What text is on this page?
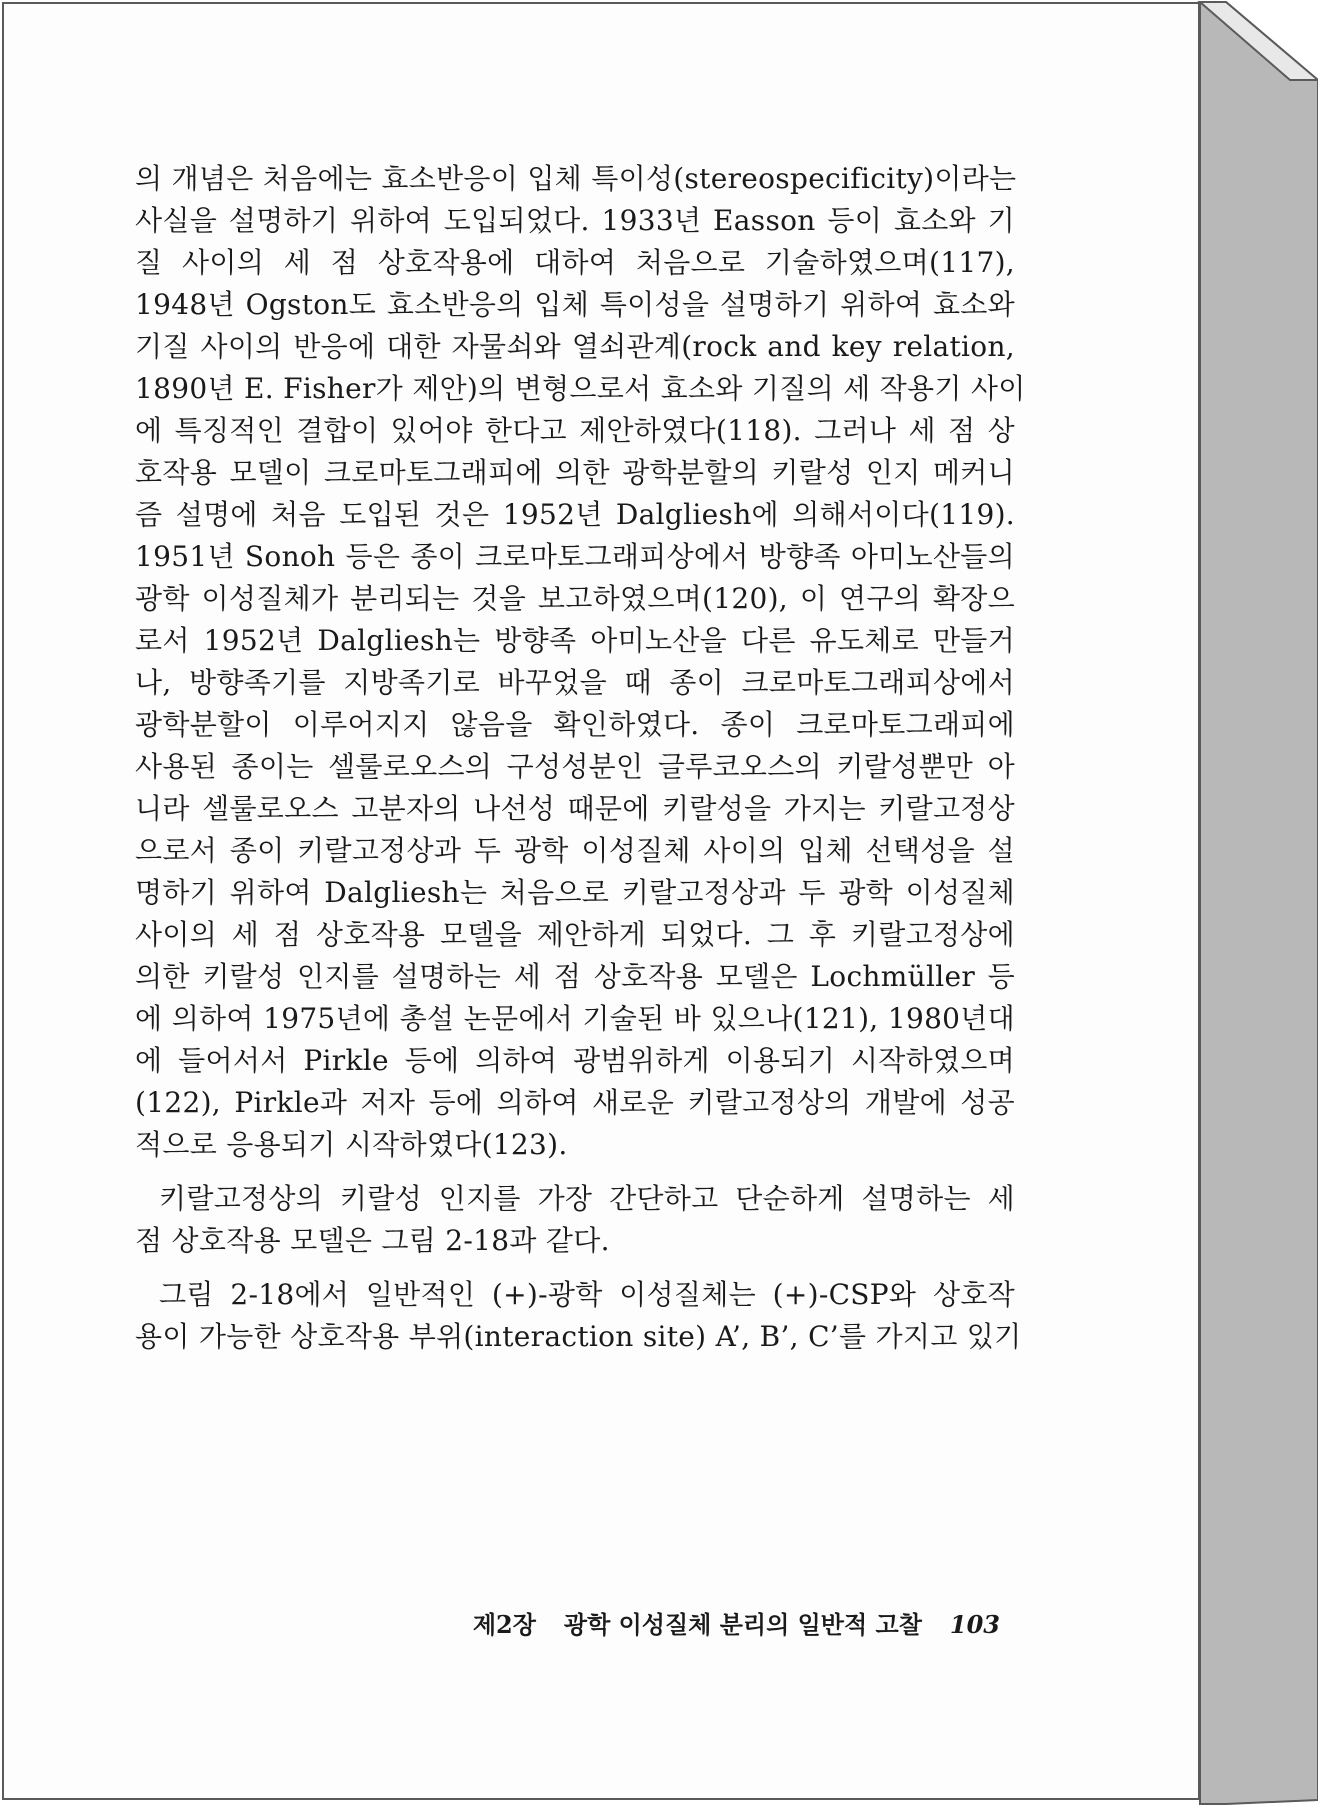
의 개념은 처음에는 효소반응이 입체 특이성(stereospecificity)이라는
사실을 설명하기 위하여 도입되었다. 1933년 Easson 등이 효소와 기
질 사이의 세 점 상호작용에 대하여 처음으로 기술하였으며(117),
1948년 Ogston도 효소반응의 입체 특이성을 설명하기 위하여 효소와
기질 사이의 반응에 대한 자물쇠와 열쇠관계(rock and key relation,
1890년 E. Fisher가 제안)의 변형으로서 효소와 기질의 세 작용기 사이
에 특징적인 결합이 있어야 한다고 제안하였다(118). 그러나 세 점 상
호작용 모델이 크로마토그래피에 의한 광학분할의 키랄성 인지 메커니
즘 설명에 처음 도입된 것은 1952년 Dalgliesh에 의해서이다(119).
1951년 Sonoh 등은 종이 크로마토그래피상에서 방향족 아미노산들의
광학 이성질체가 분리되는 것을 보고하였으며(120), 이 연구의 확장으
로서 1952년 Dalgliesh는 방향족 아미노산을 다른 유도체로 만들거
나, 방향족기를 지방족기로 바꾸었을 때 종이 크로마토그래피상에서
광학분할이 이루어지지 않음을 확인하였다. 종이 크로마토그래피에
사용된 종이는 셀룰로오스의 구성성분인 글루코오스의 키랄성뿐만 아
니라 셀룰로오스 고분자의 나선성 때문에 키랄성을 가지는 키랄고정상
으로서 종이 키랄고정상과 두 광학 이성질체 사이의 입체 선택성을 설
명하기 위하여 Dalgliesh는 처음으로 키랄고정상과 두 광학 이성질체
사이의 세 점 상호작용 모델을 제안하게 되었다. 그 후 키랄고정상에
의한 키랄성 인지를 설명하는 세 점 상호작용 모델은 Lochmüller 등
에 의하여 1975년에 총설 논문에서 기술된 바 있으나(121), 1980년대
에 들어서서 Pirkle 등에 의하여 광범위하게 이용되기 시작하였으며
(122), Pirkle과 저자 등에 의하여 새로운 키랄고정상의 개발에 성공
적으로 응용되기 시작하였다(123).
키랄고정상의 키랄성 인지를 가장 간단하고 단순하게 설명하는 세
점 상호작용 모델은 그림 2-18과 같다.
그림 2-18에서 일반적인 (+)-광학 이성질체는 (+)-CSP와 상호작
용이 가능한 상호작용 부위(interaction site) A’, B’, C’를 가지고 있기
제2장 광학 이성질체 분리의 일반적 고찰 103
